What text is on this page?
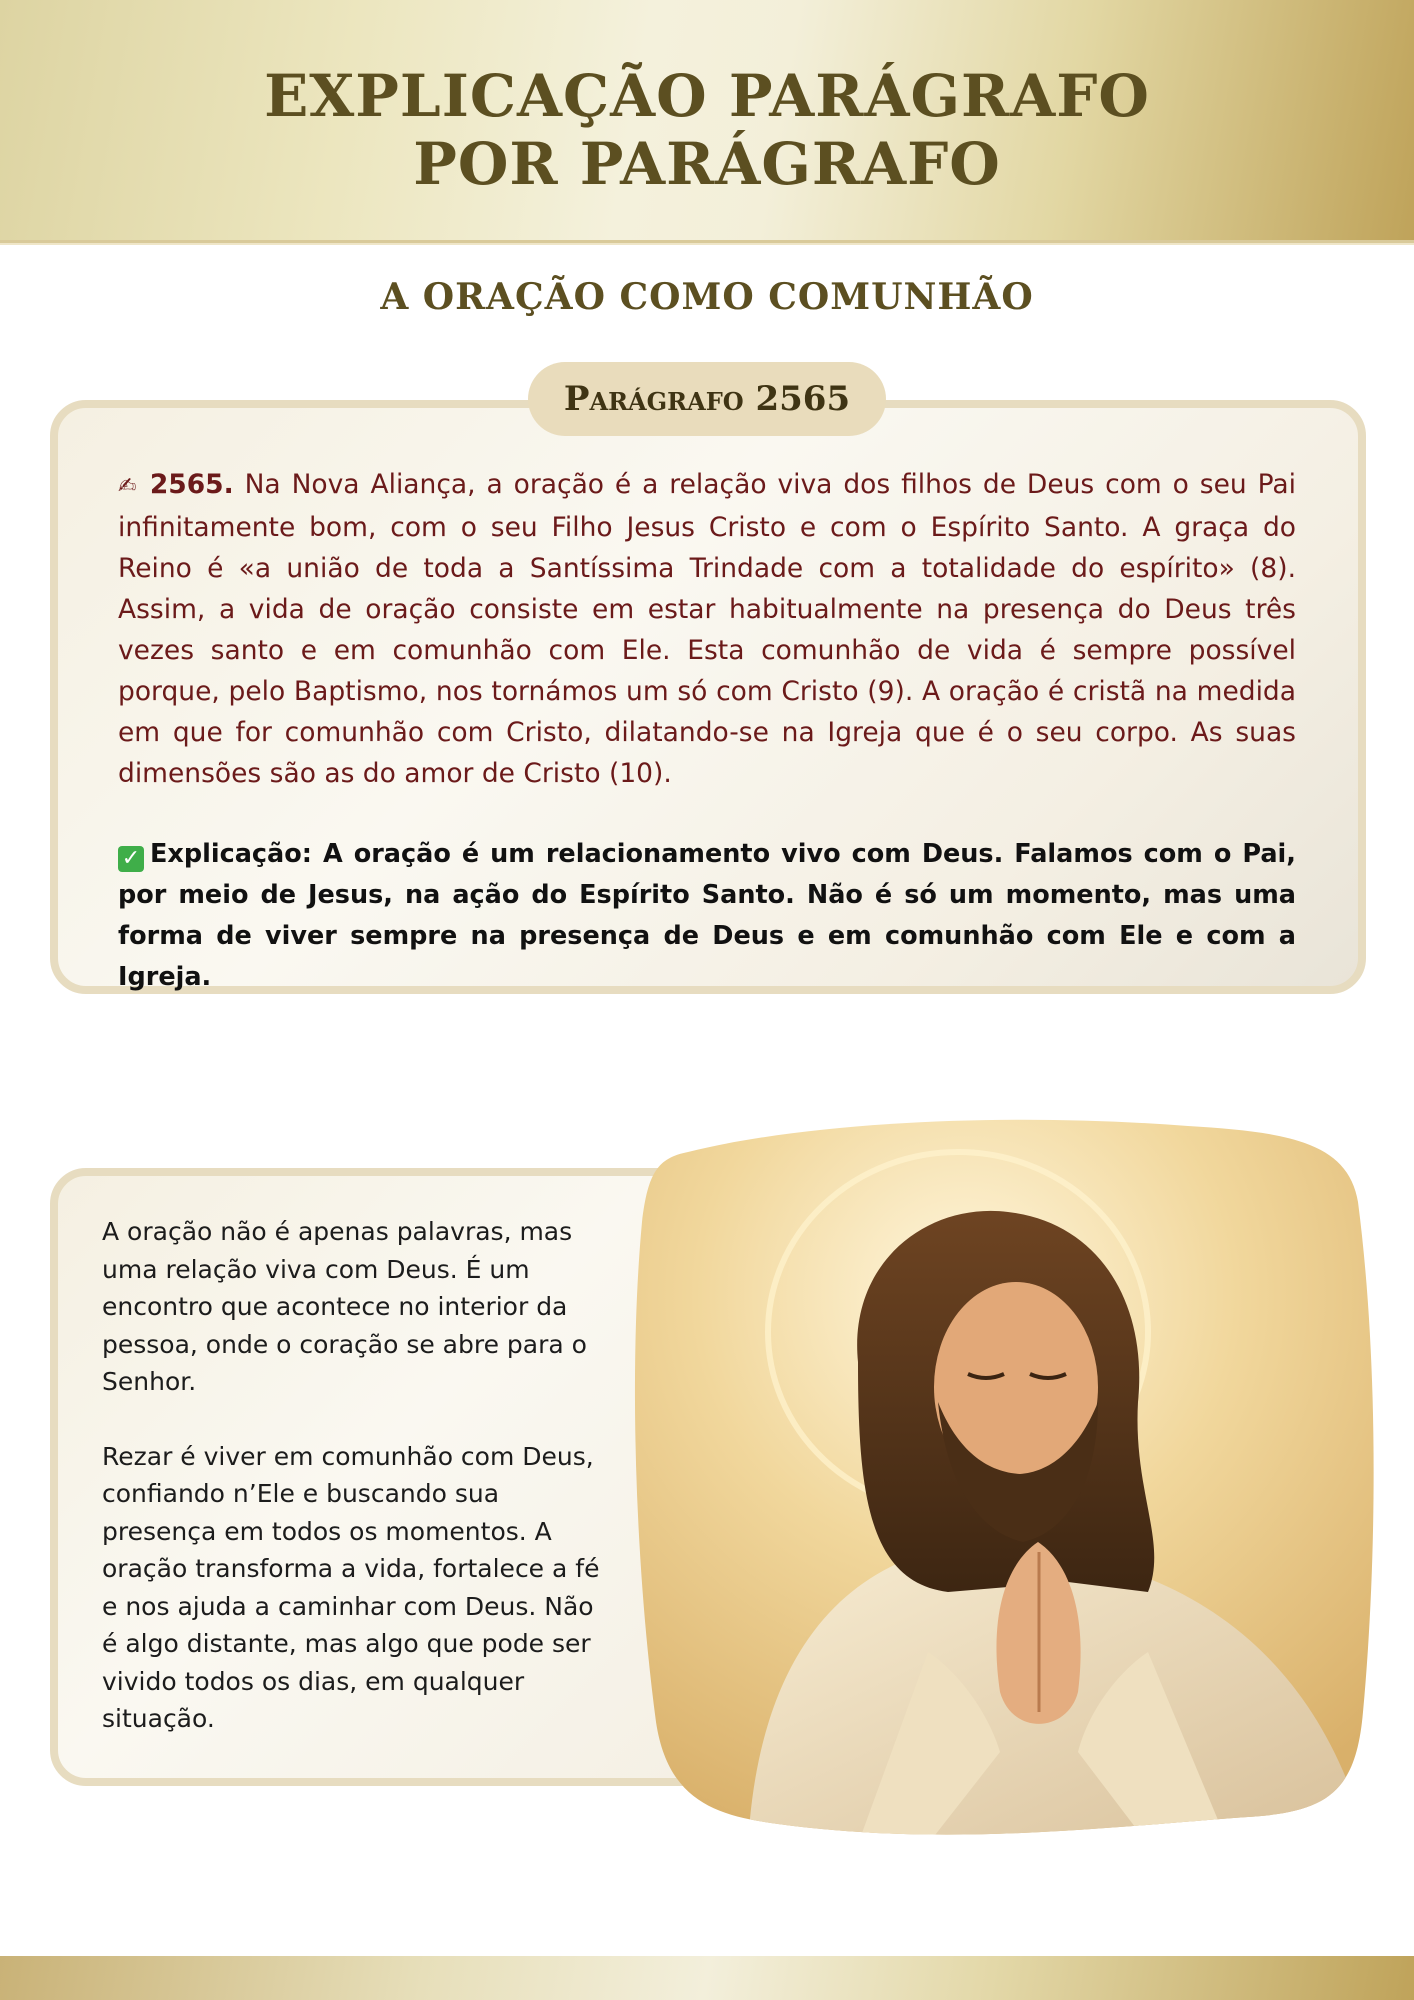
EXPLICAÇÃO PARÁGRAFO
POR PARÁGRAFO
A ORAÇÃO COMO COMUNHÃO
Parágrafo 2565

✍ 2565. Na Nova Aliança, a oração é a relação viva dos filhos de Deus com o seu Pai infinitamente bom, com o seu Filho Jesus Cristo e com o Espírito Santo. A graça do Reino é «a união de toda a Santíssima Trindade com a totalidade do espírito» (8). Assim, a vida de oração consiste em estar habitualmente na presença do Deus três vezes santo e em comunhão com Ele. Esta comunhão de vida é sempre possível porque, pelo Baptismo, nos tornámos um só com Cristo (9). A oração é cristã na medida em que for comunhão com Cristo, dilatando-se na Igreja que é o seu corpo. As suas dimensões são as do amor de Cristo (10).

✓ Explicação: A oração é um relacionamento vivo com Deus. Falamos com o Pai, por meio de Jesus, na ação do Espírito Santo. Não é só um momento, mas uma forma de viver sempre na presença de Deus e em comunhão com Ele e com a Igreja.

A oração não é apenas palavras, mas uma relação viva com Deus. É um encontro que acontece no interior da pessoa, onde o coração se abre para o Senhor.

Rezar é viver em comunhão com Deus, confiando n’Ele e buscando sua presença em todos os momentos. A oração transforma a vida, fortalece a fé e nos ajuda a caminhar com Deus. Não é algo distante, mas algo que pode ser vivido todos os dias, em qualquer situação.
